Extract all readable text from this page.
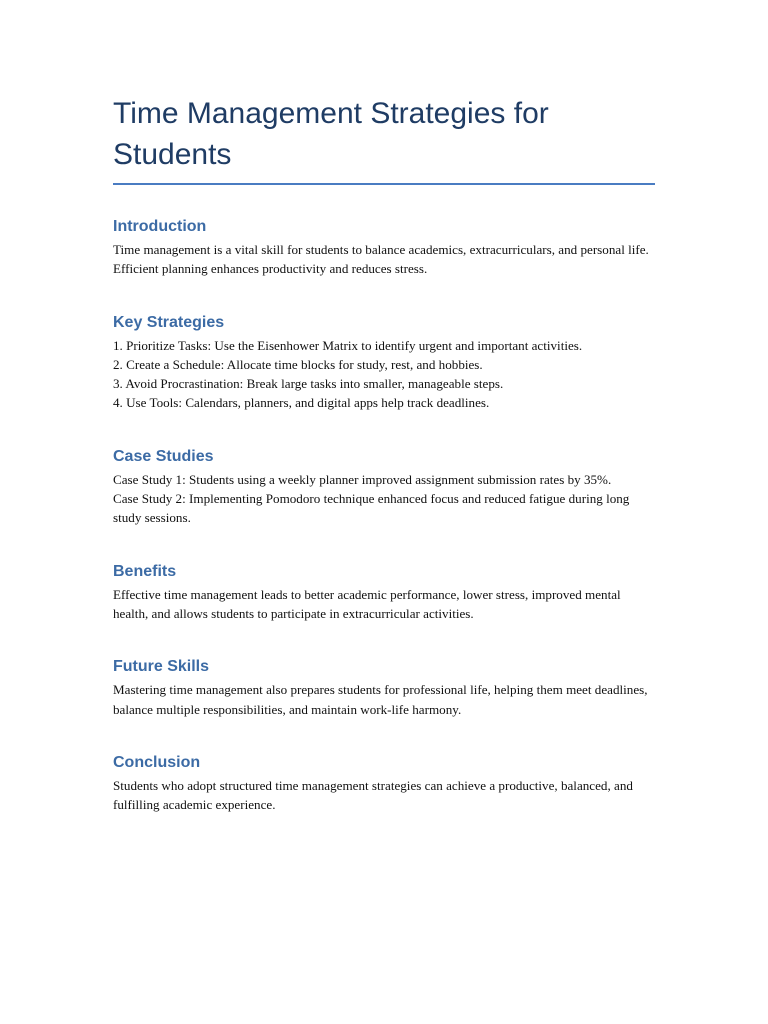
Time Management Strategies for Students
Introduction

Time management is a vital skill for students to balance academics, extracurriculars, and personal life. Efficient planning enhances productivity and reduces stress.

Key Strategies

1. Prioritize Tasks: Use the Eisenhower Matrix to identify urgent and important activities.

2. Create a Schedule: Allocate time blocks for study, rest, and hobbies.

3. Avoid Procrastination: Break large tasks into smaller, manageable steps.

4. Use Tools: Calendars, planners, and digital apps help track deadlines.

Case Studies

Case Study 1: Students using a weekly planner improved assignment submission rates by 35%.

Case Study 2: Implementing Pomodoro technique enhanced focus and reduced fatigue during long study sessions.

Benefits

Effective time management leads to better academic performance, lower stress, improved mental health, and allows students to participate in extracurricular activities.

Future Skills

Mastering time management also prepares students for professional life, helping them meet deadlines, balance multiple responsibilities, and maintain work-life harmony.

Conclusion

Students who adopt structured time management strategies can achieve a productive, balanced, and fulfilling academic experience.
